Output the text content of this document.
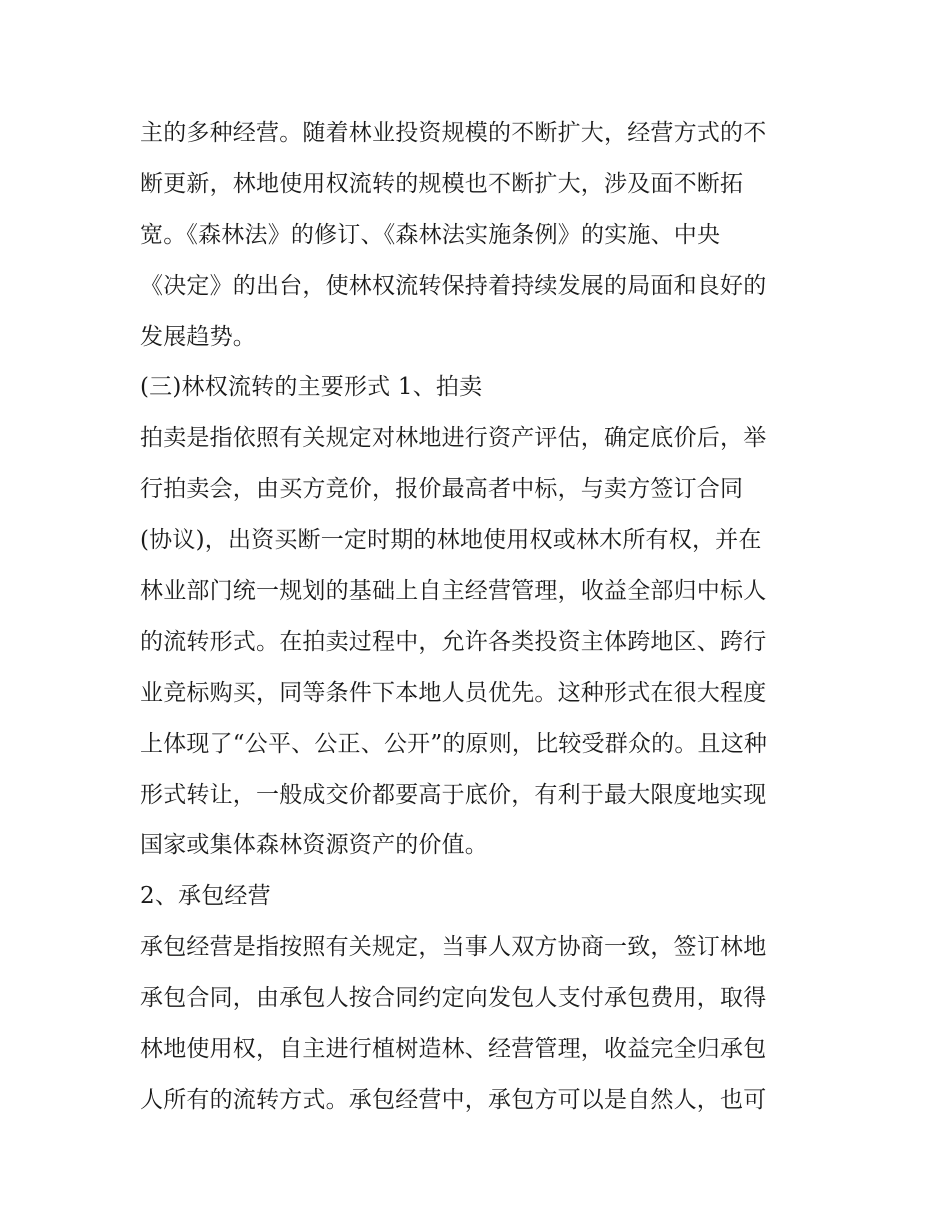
主的多种经营。随着林业投资规模的不断扩大，经营方式的不
断更新，林地使用权流转的规模也不断扩大，涉及面不断拓
宽。《森林法》的修订、《森林法实施条例》的实施、中央
《决定》的出台，使林权流转保持着持续发展的局面和良好的
发展趋势。
(三)林权流转的主要形式 1、拍卖
拍卖是指依照有关规定对林地进行资产评估，确定底价后，举
行拍卖会，由买方竞价，报价最高者中标，与卖方签订合同
(协议)，出资买断一定时期的林地使用权或林木所有权，并在
林业部门统一规划的基础上自主经营管理，收益全部归中标人
的流转形式。在拍卖过程中，允许各类投资主体跨地区、跨行
业竞标购买，同等条件下本地人员优先。这种形式在很大程度
上体现了“公平、公正、公开”的原则，比较受群众的。且这种
形式转让，一般成交价都要高于底价，有利于最大限度地实现
国家或集体森林资源资产的价值。
2、承包经营
承包经营是指按照有关规定，当事人双方协商一致，签订林地
承包合同，由承包人按合同约定向发包人支付承包费用，取得
林地使用权，自主进行植树造林、经营管理，收益完全归承包
人所有的流转方式。承包经营中，承包方可以是自然人，也可
